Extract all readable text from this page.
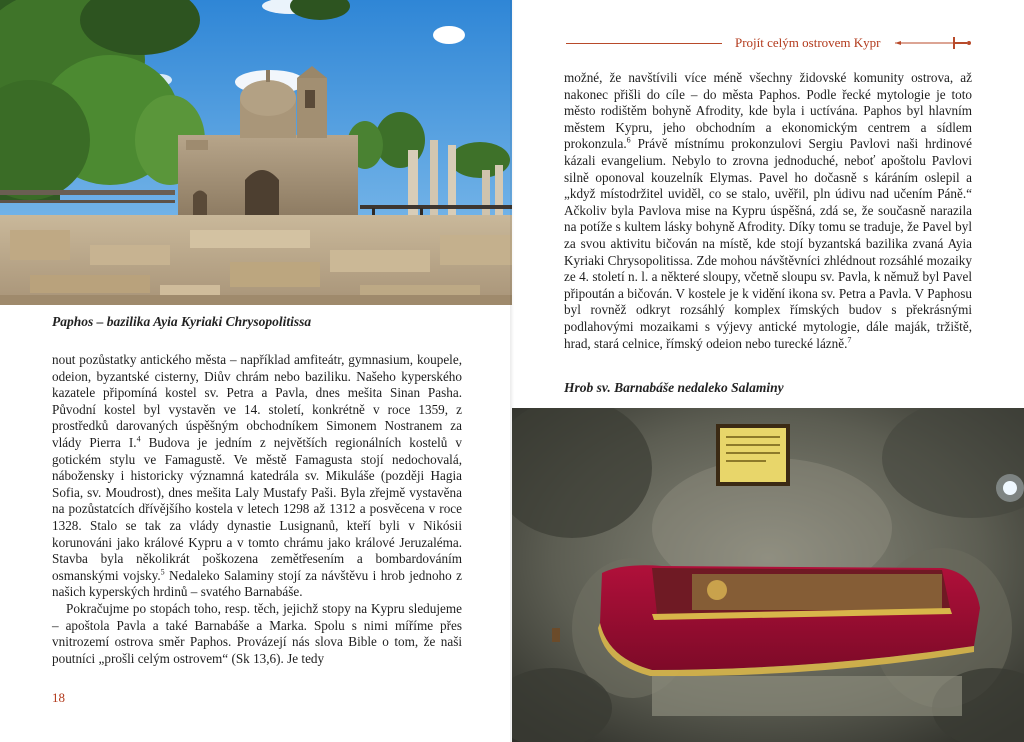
Paphos – bazilika Ayia Kyriaki Chrysopolitissa

nout pozůstatky antického města – například amfiteátr, gymnasium, koupele, odeion, byzantské cisterny, Diův chrám nebo baziliku. Našeho kyperského kazatele připomíná kostel sv. Petra a Pavla, dnes mešita Sinan Pasha. Původní kostel byl vystavěn ve 14. století, konkrétně v roce 1359, z prostředků darovaných úspěšným obchodníkem Simonem Nostranem za vlády Pierra I.$^4$ Budova je jedním z největších regionálních kostelů v gotickém stylu ve Famagustě. Ve městě Famagusta stojí nedochovalá, nábožensky i historicky významná katedrála sv. Mikuláše (později Hagia Sofia, sv. Moudrost), dnes mešita Laly Mustafy Paši. Byla zřejmě vystavěna na pozůstatcích dřívějšího kostela v letech 1298 až 1312 a posvěcena v roce 1328. Stalo se tak za vlády dynastie Lusignanů, kteří byli v Nikósii korunováni jako králové Kypru a v tomto chrámu jako králové Jeruzaléma. Stavba byla několikrát poškozena zemětřesením a bombardováním osmanskými vojsky.$^5$ Nedaleko Salaminy stojí za návštěvu i hrob jednoho z našich kyperských hrdinů – svatého Barnabáše.

Pokračujme po stopách toho, resp. těch, jejichž stopy na Kypru sledujeme – apoštola Pavla a také Barnabáše a Marka. Spolu s nimi míříme přes vnitrozemí ostrova směr Paphos. Provázejí nás slova Bible o tom, že naši poutníci „prošli celým ostrovem“ (Sk 13,6). Je tedy

18
Projít celým ostrovem Kypr

možné, že navštívili více méně všechny židovské komunity ostrova, až nakonec přišli do cíle – do města Paphos. Podle řecké mytologie je toto město rodištěm bohyně Afrodity, kde byla i uctívána. Paphos byl hlavním městem Kypru, jeho obchodním a ekonomickým centrem a sídlem prokonzula.$^6$ Právě místnímu prokonzulovi Sergiu Pavlovi naši hrdinové kázali evangelium. Nebylo to zrovna jednoduché, neboť apoštolu Pavlovi silně oponoval kouzelník Elymas. Pavel ho dočasně s káráním oslepil a „když místodržitel uviděl, co se stalo, uvěřil, pln údivu nad učením Páně.“ Ačkoliv byla Pavlova mise na Kypru úspěšná, zdá se, že současně narazila na potíže s kultem lásky bohyně Afrodity. Díky tomu se traduje, že Pavel byl za svou aktivitu bičován na místě, kde stojí byzantská bazilika zvaná Ayia Kyriaki Chrysopolitissa. Zde mohou návštěvníci zhlédnout rozsáhlé mozaiky ze 4. století n. l. a některé sloupy, včetně sloupu sv. Pavla, k němuž byl Pavel připoután a bičován. V kostele je k vidění ikona sv. Petra a Pavla. V Paphosu byl rovněž odkryt rozsáhlý komplex římských budov s překrásnými podlahovými mozaikami s výjevy antické mytologie, dále maják, tržiště, hrad, stará celnice, římský odeion nebo turecké lázně.$^7$

Hrob sv. Barnabáše nedaleko Salaminy
